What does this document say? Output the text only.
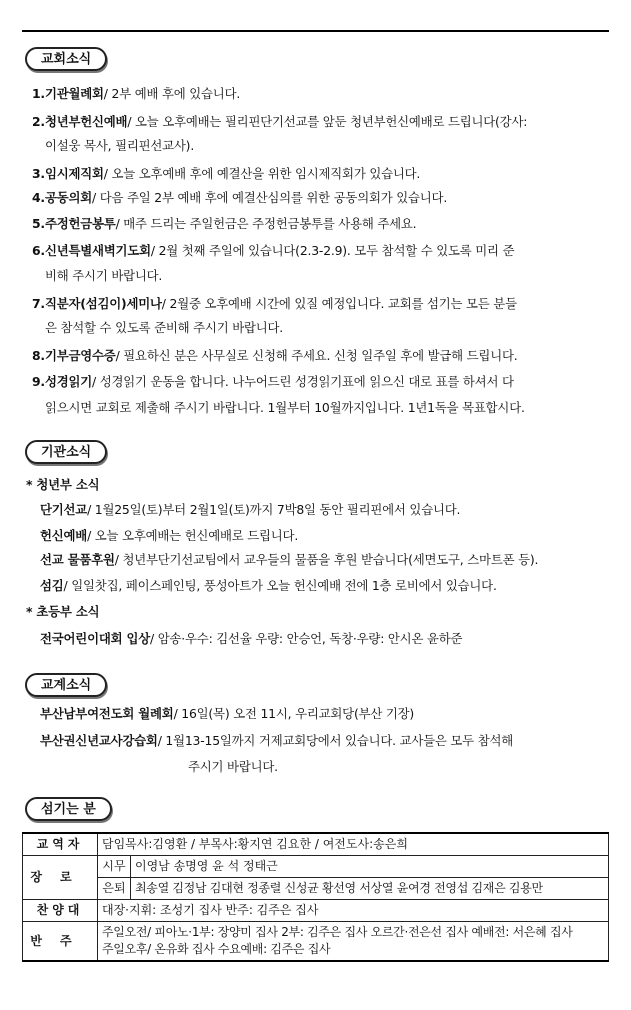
교회소식
1.기관월례회/ 2부 예배 후에 있습니다.
2.청년부헌신예배/ 오늘 오후예배는 필리핀단기선교를 앞둔 청년부헌신예배로 드립니다(강사:
이설웅 목사, 필리핀선교사).
3.임시제직회/ 오늘 오후예배 후에 예결산을 위한 임시제직회가 있습니다.
4.공동의회/ 다음 주일 2부 예배 후에 예결산심의를 위한 공동의회가 있습니다.
5.주정헌금봉투/ 매주 드리는 주일헌금은 주정헌금봉투를 사용해 주세요.
6.신년특별새벽기도회/ 2월 첫째 주일에 있습니다(2.3-2.9). 모두 참석할 수 있도록 미리 준
비해 주시기 바랍니다.
7.직분자(섬김이)세미나/ 2월중 오후예배 시간에 있질 예정입니다. 교회를 섬기는 모든 분들
은 참석할 수 있도록 준비해 주시기 바랍니다.
8.기부금영수증/ 필요하신 분은 사무실로 신청해 주세요. 신청 일주일 후에 발급해 드립니다.
9.성경읽기/ 성경읽기 운동을 합니다. 나누어드린 성경읽기표에 읽으신 대로 표를 하셔서 다
읽으시면 교회로 제출해 주시기 바랍니다. 1월부터 10월까지입니다. 1년1독을 목표합시다.
기관소식
* 청년부 소식
단기선교/ 1월25일(토)부터 2월1일(토)까지 7박8일 동안 필리핀에서 있습니다.
헌신예배/ 오늘 오후예배는 헌신예배로 드립니다.
선교 물품후원/ 청년부단기선교팀에서 교우들의 물품을 후원 받습니다(세면도구, 스마트폰 등).
섬김/ 일일찻집, 페이스페인팅, 풍성아트가 오늘 헌신예배 전에 1층 로비에서 있습니다.
* 초등부 소식
전국어린이대회 입상/ 암송·우수: 김선율 우량: 안승언, 독창·우량: 안시온 윤하준
교계소식
부산남부여전도회 월례회/ 16일(목) 오전 11시, 우리교회당(부산 기장)
부산권신년교사강습회/ 1월13-15일까지 거제교회당에서 있습니다. 교사들은 모두 참석해
주시기 바랍니다.
섬기는 분
교역자	담임목사:김영환 / 부목사:황지연 김요한 / 여전도사:송은희	
장로	시무	이영남 송명영 윤 석 정태근
	은퇴	최송열 김정남 김대현 정종렬 신성균 황선영 서상열 윤여경 전영섭 김재은 김용만
찬양대	대장·지휘: 조성기 집사 반주: 김주은 집사	
반주	주일오전/ 피아노·1부: 장양미 집사 2부: 김주은 집사 오르간·전은선 집사 예배전: 서은혜 집사
주일오후/ 온유화 집사 수요예배: 김주은 집사	
